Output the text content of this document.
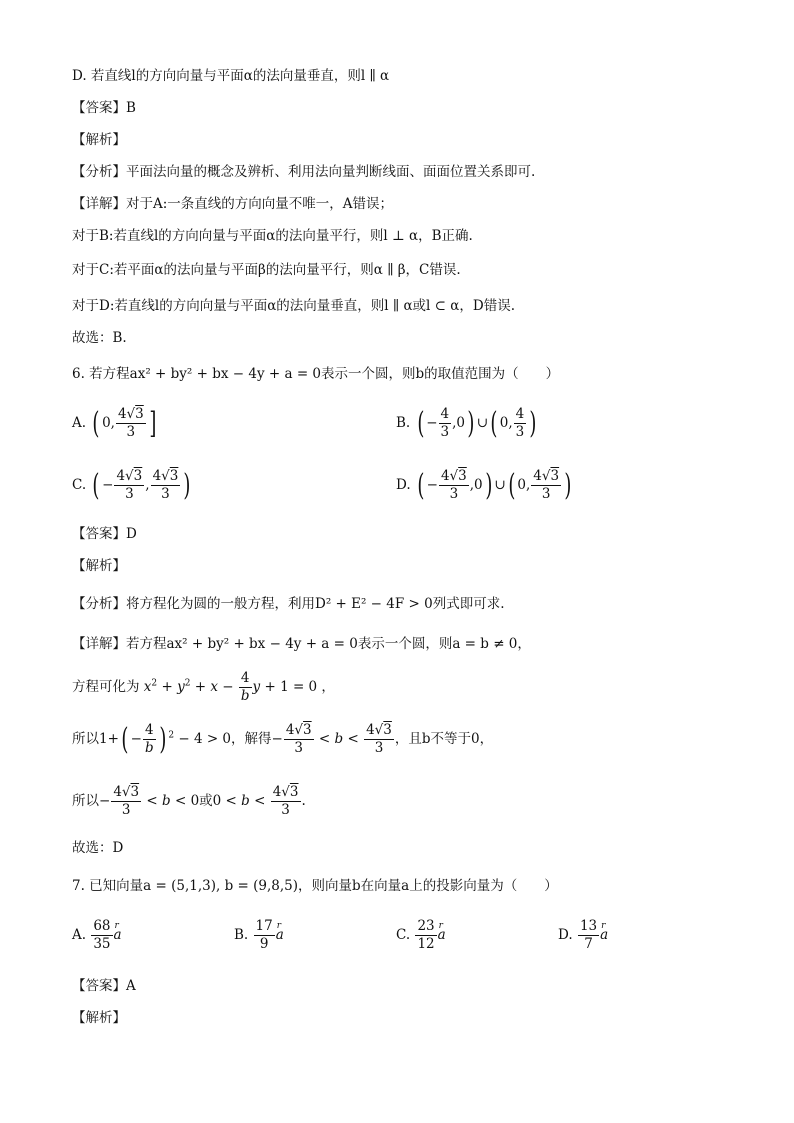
D. 若直线l的方向向量与平面α的法向量垂直，则l ∥ α
【答案】B
【解析】
【分析】平面法向量的概念及辨析、利用法向量判断线面、面面位置关系即可.
【详解】对于A:一条直线的方向向量不唯一，A错误；
对于B:若直线l的方向向量与平面α的法向量平行，则l ⊥ α，B正确.
对于C:若平面α的法向量与平面β的法向量平行，则α ∥ β，C错误.
对于D:若直线l的方向向量与平面α的法向量垂直，则l ∥ α或l ⊂ α，D错误.
故选：B.
6. 若方程ax² + by² + bx − 4y + a = 0表示一个圆，则b的取值范围为（　　）
A. ( 0, $\frac{4√3}{3}$ ]	B. ( − $\frac{4}{3} ,0$) ∪( 0, $\frac{4}{3}$ )
C. ( − $\frac{4√3}{3}$ , $\frac{4√3}{3}$ )	D. ( − $\frac{4√3}{3} ,0$) ∪( 0, $\frac{4√3}{3}$ )
【答案】D
【解析】
【分析】将方程化为圆的一般方程，利用D² + E² − 4F > 0列式即可求.
【详解】若方程ax² + by² + bx − 4y + a = 0表示一个圆，则a = b ≠ 0，
方程可化为 $x^2 + y^2 + x - \frac{4}{b}$ y + 1 = 0 ，
所以$1+( - \frac{4}{b}$ ) $^2$ − 4 > 0，解得− $\frac{4√3}{3} < b < \frac{4√3}{3}$ ，且b不等于0，
所以− $\frac{4√3}{3} < b < 0$或$0 < b < \frac{4√3}{3}$ .
故选：D
7. 已知向量a = (5,1,3), b = (9,8,5)，则向量b在向量a上的投影向量为（　　）
A. $\frac{68}{35}$ r a	B. $\frac{17}{9}$ r a	C. $\frac{23}{12}$ r a	D. $\frac{13}{7}$ r a
【答案】A
【解析】
